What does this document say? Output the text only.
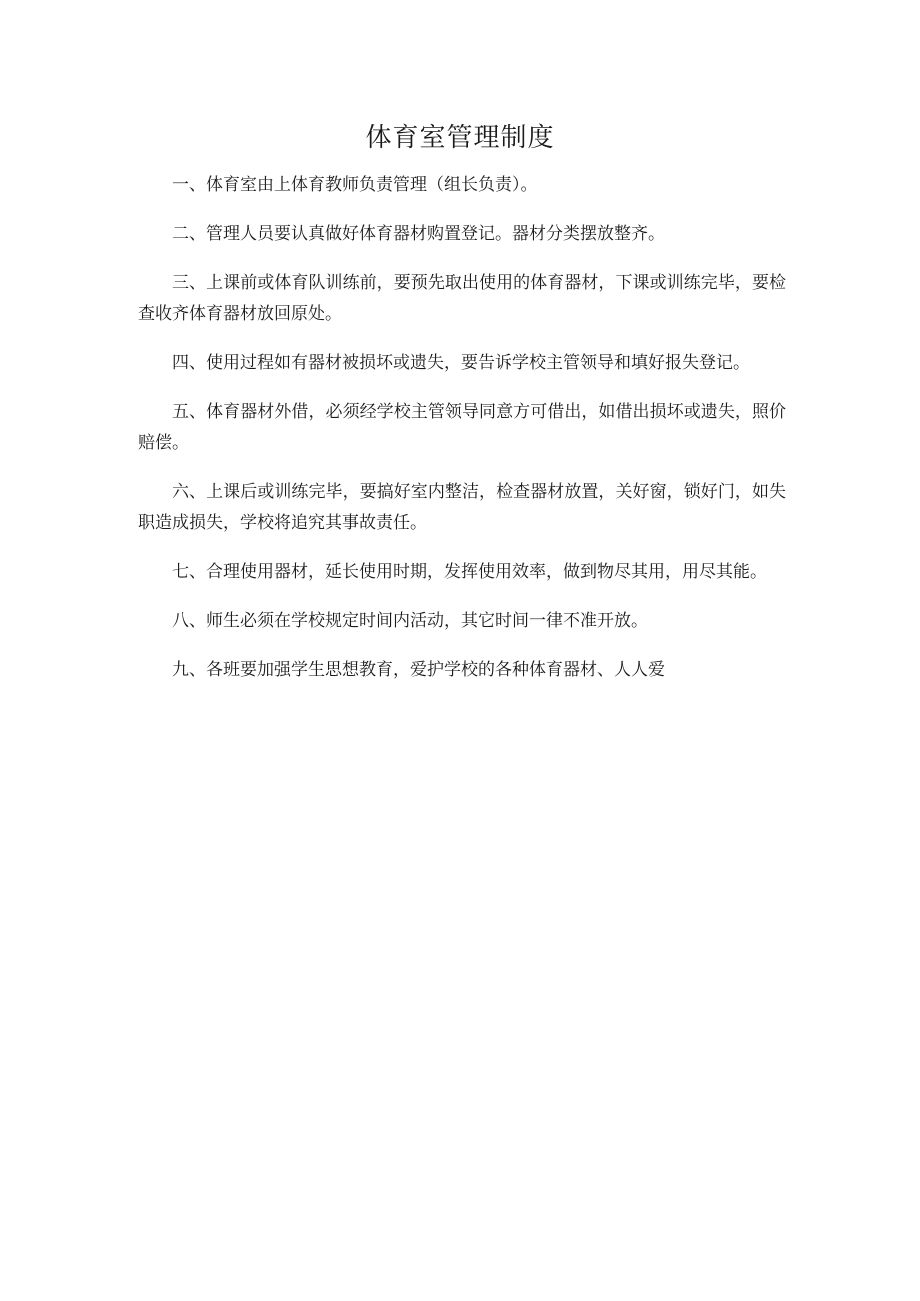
体育室管理制度

一、体育室由上体育教师负责管理（组长负责）。

二、管理人员要认真做好体育器材购置登记。器材分类摆放整齐。

三、上课前或体育队训练前，要预先取出使用的体育器材，下课或训练完毕，要检查收齐体育器材放回原处。

四、使用过程如有器材被损坏或遗失，要告诉学校主管领导和填好报失登记。

五、体育器材外借，必须经学校主管领导同意方可借出，如借出损坏或遗失，照价赔偿。

六、上课后或训练完毕，要搞好室内整洁，检查器材放置，关好窗，锁好门，如失职造成损失，学校将追究其事故责任。

七、合理使用器材，延长使用时期，发挥使用效率，做到物尽其用，用尽其能。

八、师生必须在学校规定时间内活动，其它时间一律不准开放。

九、各班要加强学生思想教育，爱护学校的各种体育器材、人人爱
